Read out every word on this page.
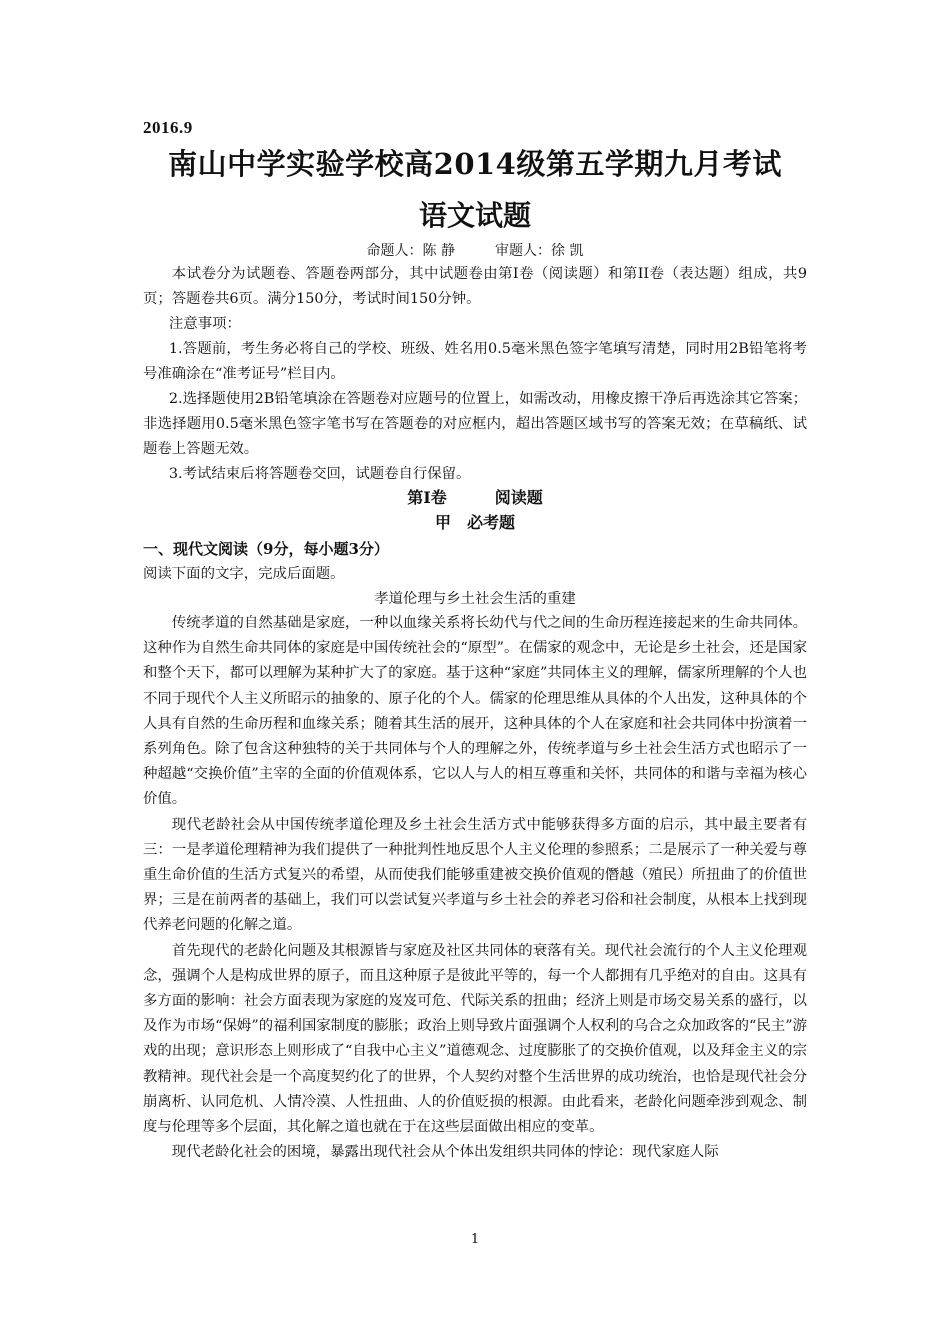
2016.9
南山中学实验学校高2014级第五学期九月考试
语文试题
命题人：陈 静	审题人：徐 凯

本试卷分为试题卷、答题卷两部分，其中试题卷由第Ⅰ卷（阅读题）和第II卷（表达题）组成，共9页；答题卷共6页。满分150分，考试时间150分钟。

注意事项：

1.答题前，考生务必将自己的学校、班级、姓名用0.5毫米黑色签字笔填写清楚，同时用2B铅笔将考号准确涂在“准考证号”栏目内。

2.选择题使用2B铅笔填涂在答题卷对应题号的位置上，如需改动，用橡皮擦干净后再选涂其它答案；非选择题用0.5毫米黑色签字笔书写在答题卷的对应框内，超出答题区域书写的答案无效；在草稿纸、试题卷上答题无效。

3.考试结束后将答题卷交回，试题卷自行保留。

第Ⅰ卷	阅读题
甲　必考题
一、现代文阅读（9分，每小题3分）
阅读下面的文字，完成后面题。
孝道伦理与乡土社会生活的重建

传统孝道的自然基础是家庭，一种以血缘关系将长幼代与代之间的生命历程连接起来的生命共同体。这种作为自然生命共同体的家庭是中国传统社会的“原型”。在儒家的观念中，无论是乡土社会，还是国家和整个天下，都可以理解为某种扩大了的家庭。基于这种“家庭”共同体主义的理解，儒家所理解的个人也不同于现代个人主义所昭示的抽象的、原子化的个人。儒家的伦理思维从具体的个人出发，这种具体的个人具有自然的生命历程和血缘关系；随着其生活的展开，这种具体的个人在家庭和社会共同体中扮演着一系列角色。除了包含这种独特的关于共同体与个人的理解之外，传统孝道与乡土社会生活方式也昭示了一种超越“交换价值”主宰的全面的价值观体系，它以人与人的相互尊重和关怀，共同体的和谐与幸福为核心价值。

现代老龄社会从中国传统孝道伦理及乡土社会生活方式中能够获得多方面的启示，其中最主要者有三：一是孝道伦理精神为我们提供了一种批判性地反思个人主义伦理的参照系；二是展示了一种关爱与尊重生命价值的生活方式复兴的希望，从而使我们能够重建被交换价值观的僭越（殖民）所扭曲了的价值世界；三是在前两者的基础上，我们可以尝试复兴孝道与乡土社会的养老习俗和社会制度，从根本上找到现代养老问题的化解之道。

首先现代的老龄化问题及其根源皆与家庭及社区共同体的衰落有关。现代社会流行的个人主义伦理观念，强调个人是构成世界的原子，而且这种原子是彼此平等的，每一个人都拥有几乎绝对的自由。这具有多方面的影响：社会方面表现为家庭的岌岌可危、代际关系的扭曲；经济上则是市场交易关系的盛行，以及作为市场“保姆”的福利国家制度的膨胀；政治上则导致片面强调个人权利的乌合之众加政客的“民主”游戏的出现；意识形态上则形成了“自我中心主义”道德观念、过度膨胀了的交换价值观，以及拜金主义的宗教精神。现代社会是一个高度契约化了的世界，个人契约对整个生活世界的成功统治，也恰是现代社会分崩离析、认同危机、人情冷漠、人性扭曲、人的价值贬损的根源。由此看来，老龄化问题牵涉到观念、制度与伦理等多个层面，其化解之道也就在于在这些层面做出相应的变革。

现代老龄化社会的困境，暴露出现代社会从个体出发组织共同体的悖论：现代家庭人际

1
